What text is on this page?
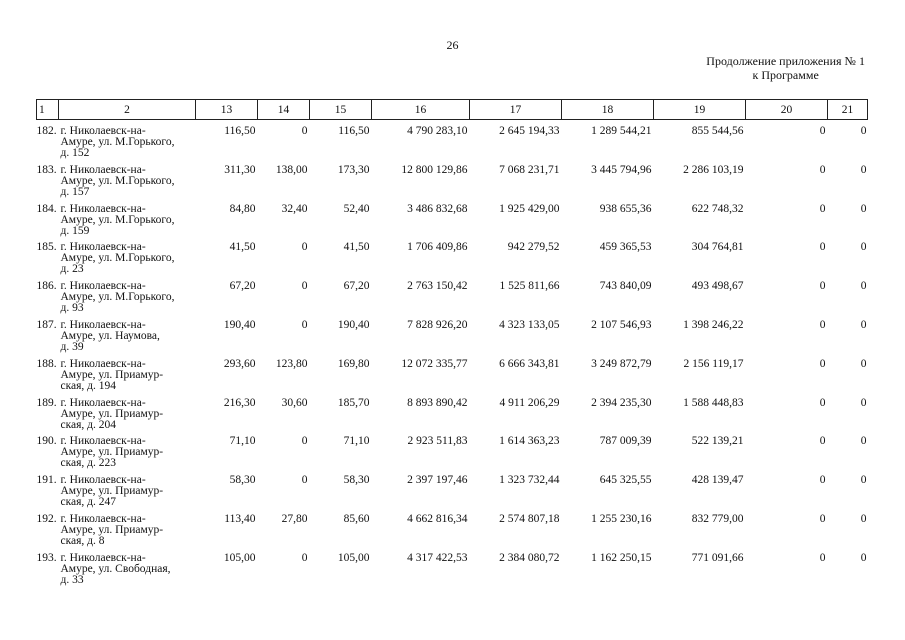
26
Продолжение приложения № 1
к Программе
1	2	13	14	15	16	17	18	19	20	21
182.	г. Николаевск-на-
Амуре, ул. М.Горького,
д. 152	116,50	0	116,50	4 790 283,10	2 645 194,33	1 289 544,21	855 544,56	0	0
183.	г. Николаевск-на-
Амуре, ул. М.Горького,
д. 157	311,30	138,00	173,30	12 800 129,86	7 068 231,71	3 445 794,96	2 286 103,19	0	0
184.	г. Николаевск-на-
Амуре, ул. М.Горького,
д. 159	84,80	32,40	52,40	3 486 832,68	1 925 429,00	938 655,36	622 748,32	0	0
185.	г. Николаевск-на-
Амуре, ул. М.Горького,
д. 23	41,50	0	41,50	1 706 409,86	942 279,52	459 365,53	304 764,81	0	0
186.	г. Николаевск-на-
Амуре, ул. М.Горького,
д. 93	67,20	0	67,20	2 763 150,42	1 525 811,66	743 840,09	493 498,67	0	0
187.	г. Николаевск-на-
Амуре, ул. Наумова,
д. 39	190,40	0	190,40	7 828 926,20	4 323 133,05	2 107 546,93	1 398 246,22	0	0
188.	г. Николаевск-на-
Амуре, ул. Приамур-
ская, д. 194	293,60	123,80	169,80	12 072 335,77	6 666 343,81	3 249 872,79	2 156 119,17	0	0
189.	г. Николаевск-на-
Амуре, ул. Приамур-
ская, д. 204	216,30	30,60	185,70	8 893 890,42	4 911 206,29	2 394 235,30	1 588 448,83	0	0
190.	г. Николаевск-на-
Амуре, ул. Приамур-
ская, д. 223	71,10	0	71,10	2 923 511,83	1 614 363,23	787 009,39	522 139,21	0	0
191.	г. Николаевск-на-
Амуре, ул. Приамур-
ская, д. 247	58,30	0	58,30	2 397 197,46	1 323 732,44	645 325,55	428 139,47	0	0
192.	г. Николаевск-на-
Амуре, ул. Приамур-
ская, д. 8	113,40	27,80	85,60	4 662 816,34	2 574 807,18	1 255 230,16	832 779,00	0	0
193.	г. Николаевск-на-
Амуре, ул. Свободная,
д. 33	105,00	0	105,00	4 317 422,53	2 384 080,72	1 162 250,15	771 091,66	0	0
